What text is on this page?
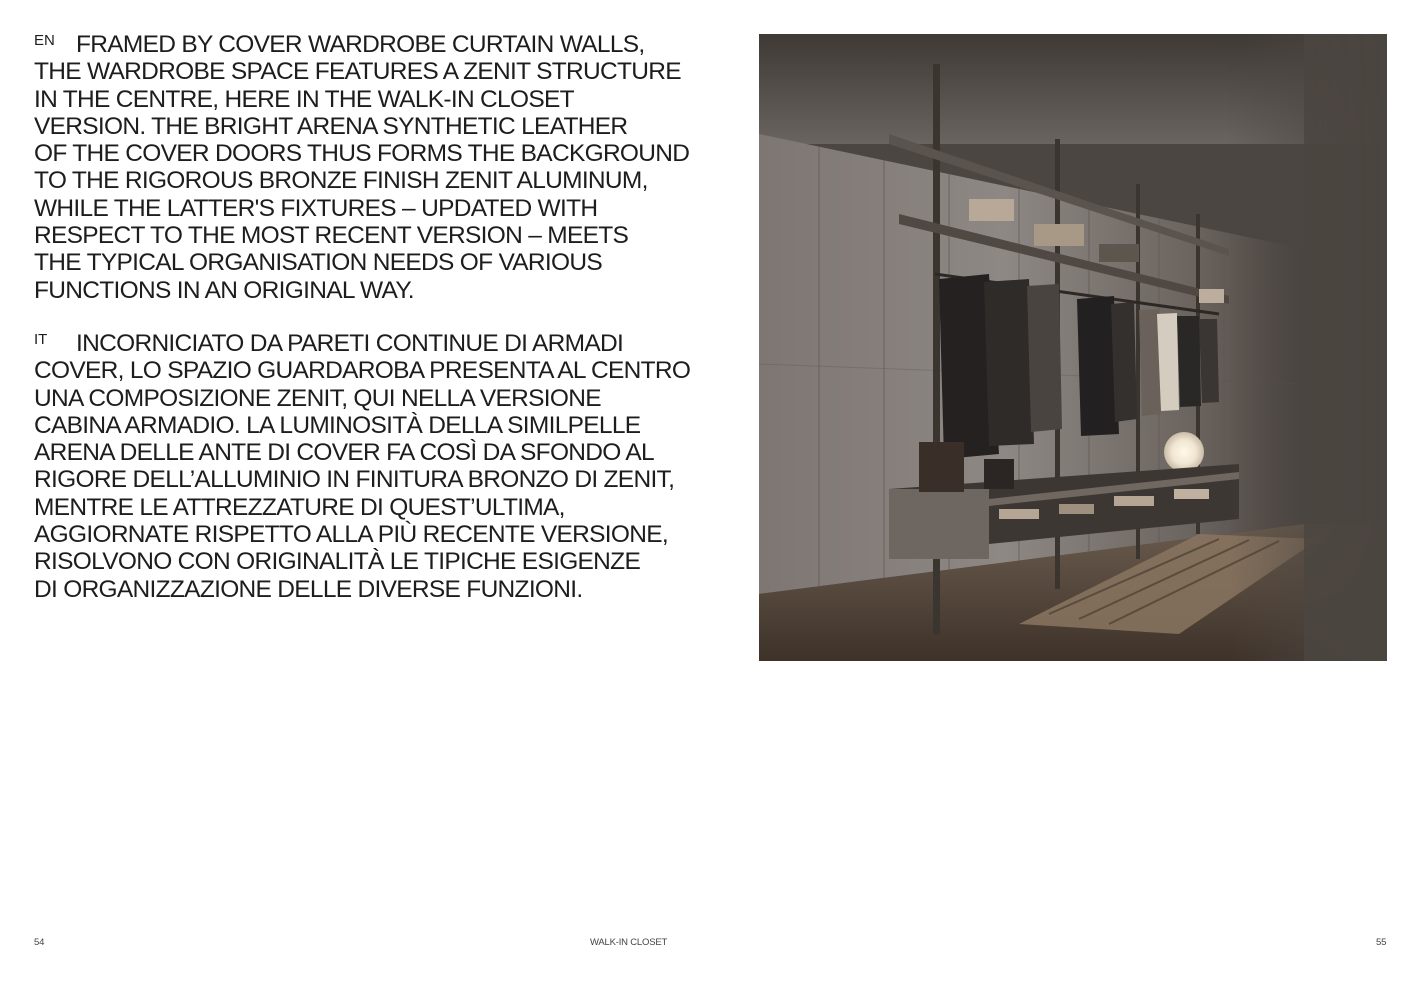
EN FRAMED BY COVER WARDROBE CURTAIN WALLS,
THE WARDROBE SPACE FEATURES A ZENIT STRUCTURE
IN THE CENTRE, HERE IN THE WALK-IN CLOSET
VERSION. THE BRIGHT ARENA SYNTHETIC LEATHER
OF THE COVER DOORS THUS FORMS THE BACKGROUND
TO THE RIGOROUS BRONZE FINISH ZENIT ALUMINUM,
WHILE THE LATTER'S FIXTURES – UPDATED WITH
RESPECT TO THE MOST RECENT VERSION – MEETS
THE TYPICAL ORGANISATION NEEDS OF VARIOUS
FUNCTIONS IN AN ORIGINAL WAY.
IT INCORNICIATO DA PARETI CONTINUE DI ARMADI
COVER, LO SPAZIO GUARDAROBA PRESENTA AL CENTRO
UNA COMPOSIZIONE ZENIT, QUI NELLA VERSIONE
CABINA ARMADIO. LA LUMINOSITÀ DELLA SIMILPELLE
ARENA DELLE ANTE DI COVER FA COSÌ DA SFONDO AL
RIGORE DELL’ALLUMINIO IN FINITURA BRONZO DI ZENIT,
MENTRE LE ATTREZZATURE DI QUEST’ULTIMA,
AGGIORNATE RISPETTO ALLA PIÙ RECENTE VERSIONE,
RISOLVONO CON ORIGINALITÀ LE TIPICHE ESIGENZE
DI ORGANIZZAZIONE DELLE DIVERSE FUNZIONI.
54	WALK-IN CLOSET	55
